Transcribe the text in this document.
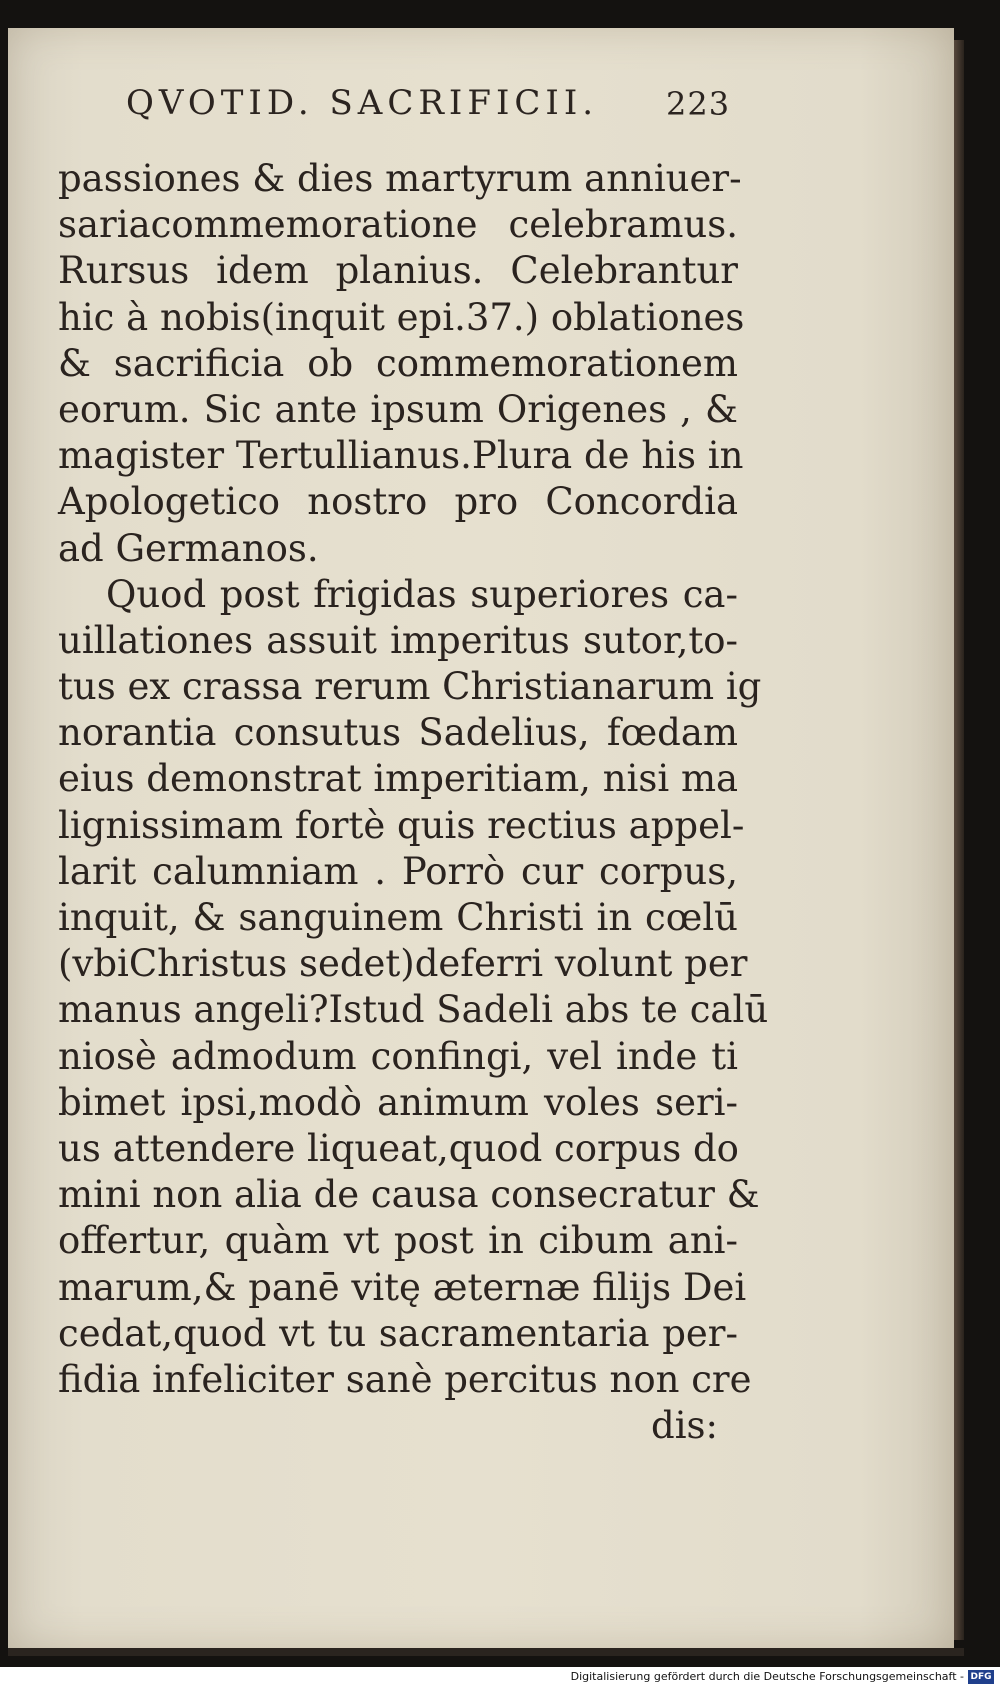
QVOTID. SACRIFICII. 223
passiones & dies martyrum anniuer-
sariacommemoratione celebramus.
Rursus idem planius. Celebrantur
hic à nobis(inquit epi.37.) oblationes
& sacrificia ob commemorationem
eorum. Sic ante ipsum Origenes , &
magister Tertullianus.Plura de his in
Apologetico nostro pro Concordia
ad Germanos.
Quod post frigidas superiores ca-
uillationes assuit imperitus sutor,to-
tus ex crassa rerum Christianarum ig
norantia consutus Sadelius, fœdam
eius demonstrat imperitiam, nisi ma
lignissimam fortè quis rectius appel-
larit calumniam . Porrò cur corpus,
inquit, & sanguinem Christi in cœlū
(vbiChristus sedet)deferri volunt per
manus angeli?Istud Sadeli abs te calū
niosè admodum confingi, vel inde ti
bimet ipsi,modò animum voles seri-
us attendere liqueat,quod corpus do
mini non alia de causa consecratur &
offertur, quàm vt post in cibum ani-
marum,& panē vitę æternæ filijs Dei
cedat,quod vt tu sacramentaria per-
fidia infeliciter sanè percitus non cre
dis:
Digitalisierung gefördert durch die Deutsche Forschungsgemeinschaft - DFG
